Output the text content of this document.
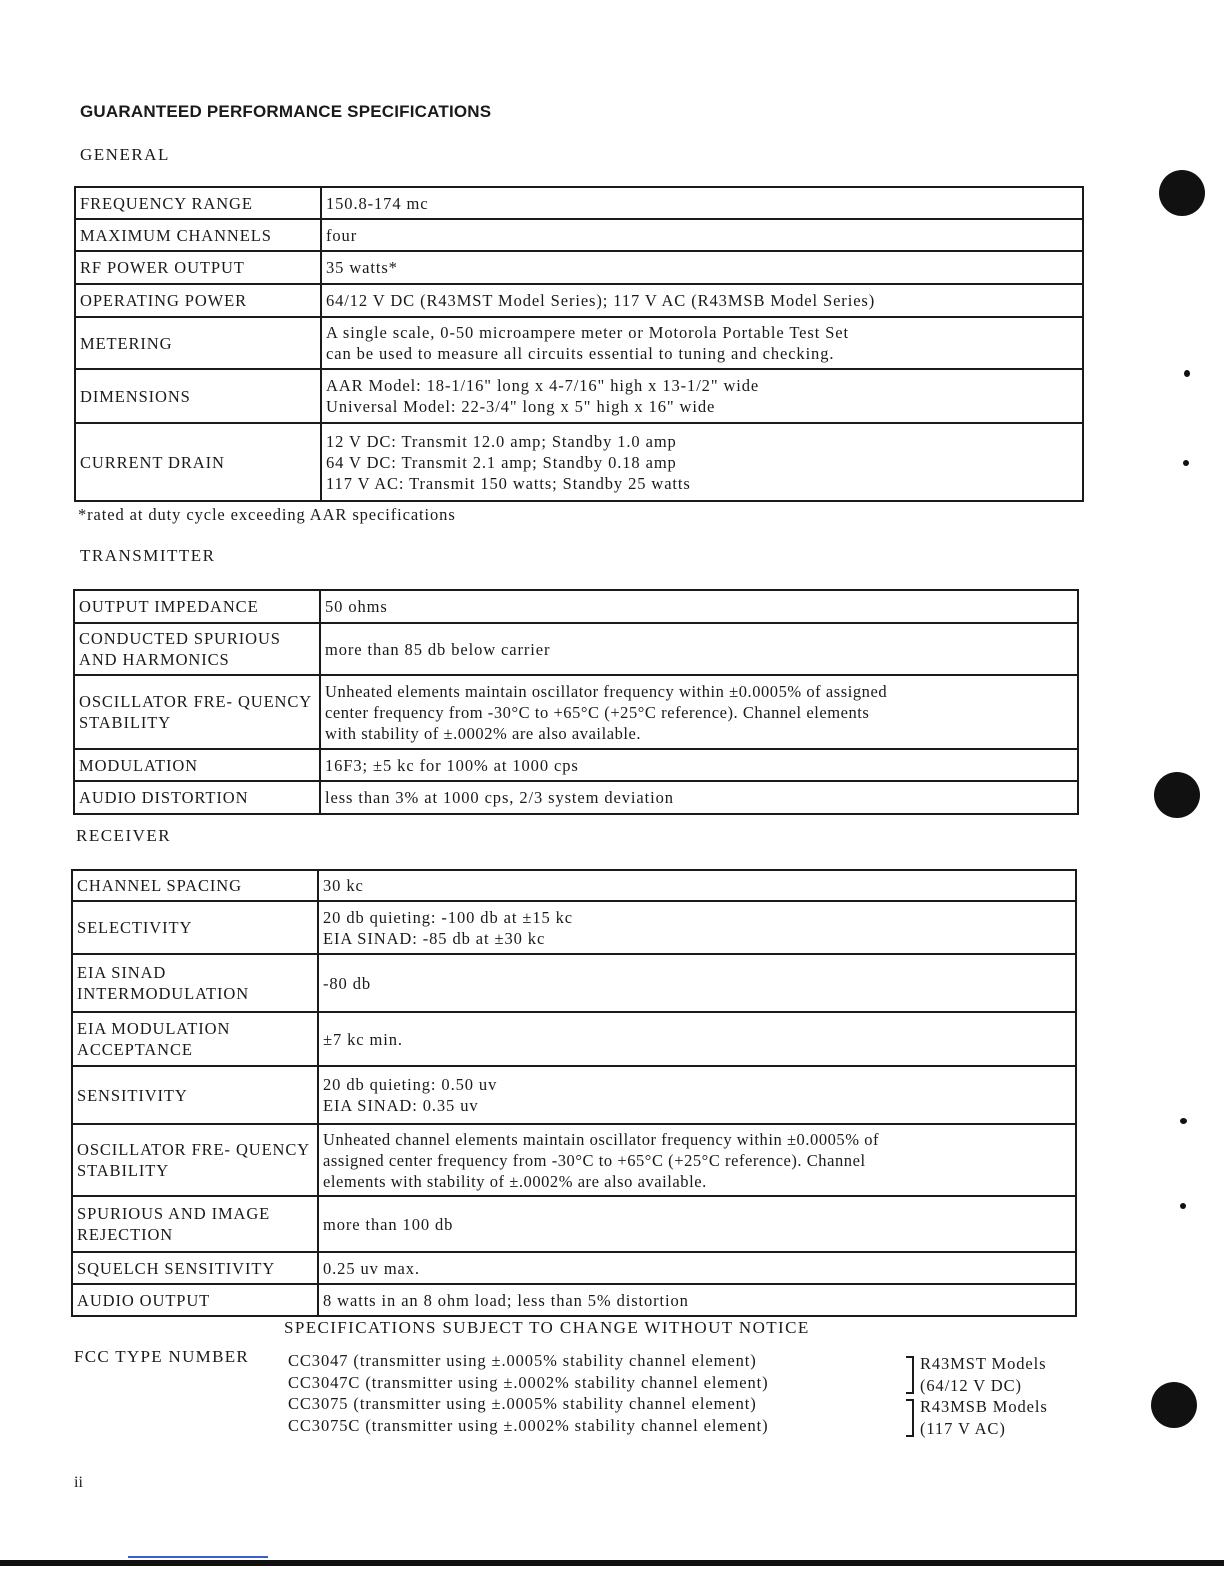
GUARANTEED PERFORMANCE SPECIFICATIONS
GENERAL
FREQUENCY RANGE	150.8-174 mc

MAXIMUM CHANNELS	four

RF POWER OUTPUT	35 watts*

OPERATING POWER	64/12 V DC (R43MST Model Series); 117 V AC (R43MSB Model Series)

METERING	A single scale, 0-50 microampere meter or Motorola Portable Test Set
can be used to measure all circuits essential to tuning and checking.

DIMENSIONS	AAR Model: 18-1/16" long x 4-7/16" high x 13-1/2" wide
Universal Model: 22-3/4" long x 5" high x 16" wide

CURRENT DRAIN	12 V DC: Transmit 12.0 amp; Standby 1.0 amp
64 V DC: Transmit 2.1 amp; Standby 0.18 amp
117 V AC: Transmit 150 watts; Standby 25 watts
*rated at duty cycle exceeding AAR specifications
TRANSMITTER
OUTPUT IMPEDANCE	50 ohms

CONDUCTED SPURIOUS AND HARMONICS	more than 85 db below carrier

OSCILLATOR FRE- QUENCY STABILITY	Unheated elements maintain oscillator frequency within ±0.0005% of assigned
center frequency from -30°C to +65°C (+25°C reference). Channel elements
with stability of ±.0002% are also available.

MODULATION	16F3; ±5 kc for 100% at 1000 cps

AUDIO DISTORTION	less than 3% at 1000 cps, 2/3 system deviation
RECEIVER
CHANNEL SPACING	30 kc

SELECTIVITY	20 db quieting: -100 db at ±15 kc
EIA SINAD: -85 db at ±30 kc

EIA SINAD INTERMODULATION	-80 db

EIA MODULATION ACCEPTANCE	±7 kc min.

SENSITIVITY	20 db quieting: 0.50 uv
EIA SINAD: 0.35 uv

OSCILLATOR FRE- QUENCY STABILITY	Unheated channel elements maintain oscillator frequency within ±0.0005% of
assigned center frequency from -30°C to +65°C (+25°C reference). Channel
elements with stability of ±.0002% are also available.

SPURIOUS AND IMAGE REJECTION	more than 100 db

SQUELCH SENSITIVITY	0.25 uv max.

AUDIO OUTPUT	8 watts in an 8 ohm load; less than 5% distortion
SPECIFICATIONS SUBJECT TO CHANGE WITHOUT NOTICE
FCC TYPE NUMBER CC3047 (transmitter using ±.0005% stability channel element)
CC3047C (transmitter using ±.0002% stability channel element)
CC3075 (transmitter using ±.0005% stability channel element)
CC3075C (transmitter using ±.0002% stability channel element)
R43MST Models
(64/12 V DC)
R43MSB Models
(117 V AC)
ii
